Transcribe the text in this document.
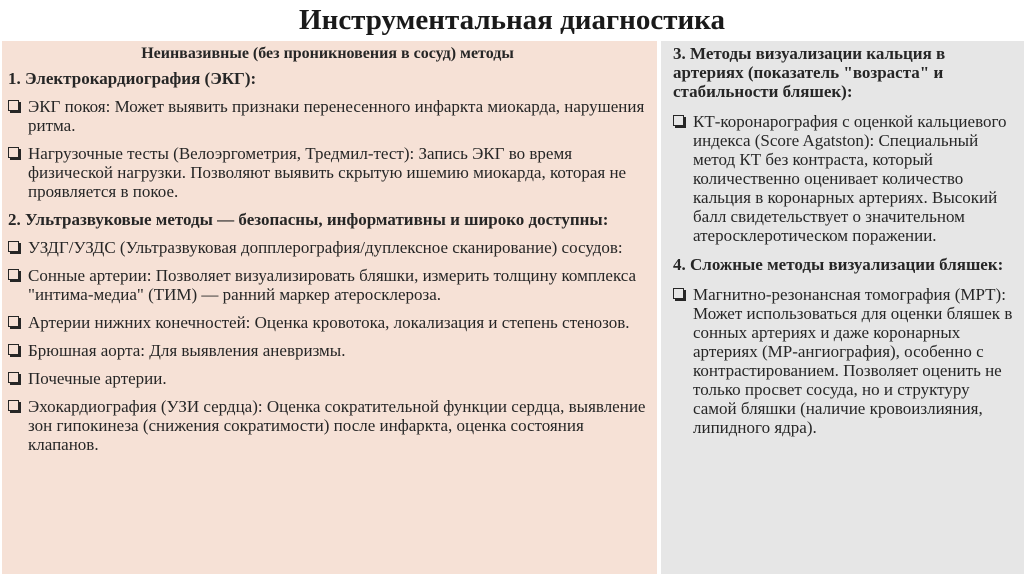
Инструментальная диагностика
Неинвазивные (без проникновения в сосуд) методы
1. Электрокардиография (ЭКГ):
ЭКГ покоя: Может выявить признаки перенесенного инфаркта миокарда, нарушения ритма.
Нагрузочные тесты (Велоэргометрия, Тредмил-тест): Запись ЭКГ во время физической нагрузки. Позволяют выявить скрытую ишемию миокарда, которая не проявляется в покое.
2. Ультразвуковые методы — безопасны, информативны и широко доступны:
УЗДГ/УЗДС (Ультразвуковая допплерография/дуплексное сканирование) сосудов:
Сонные артерии: Позволяет визуализировать бляшки, измерить толщину комплекса "интима-медиа" (ТИМ) — ранний маркер атеросклероза.
Артерии нижних конечностей: Оценка кровотока, локализация и степень стенозов.
Брюшная аорта: Для выявления аневризмы.
Почечные артерии.
Эхокардиография (УЗИ сердца): Оценка сократительной функции сердца, выявление зон гипокинеза (снижения сократимости) после инфаркта, оценка состояния клапанов.
3. Методы визуализации кальция в артериях (показатель "возраста" и стабильности бляшек):
КТ-коронарография с оценкой кальциевого индекса (Score Agatston): Специальный метод КТ без контраста, который количественно оценивает количество кальция в коронарных артериях. Высокий балл свидетельствует о значительном атеросклеротическом поражении.
4. Сложные методы визуализации бляшек:
Магнитно-резонансная томография (МРТ): Может использоваться для оценки бляшек в сонных артериях и даже коронарных артериях (МР-ангиография), особенно с контрастированием. Позволяет оценить не только просвет сосуда, но и структуру самой бляшки (наличие кровоизлияния, липидного ядра).
